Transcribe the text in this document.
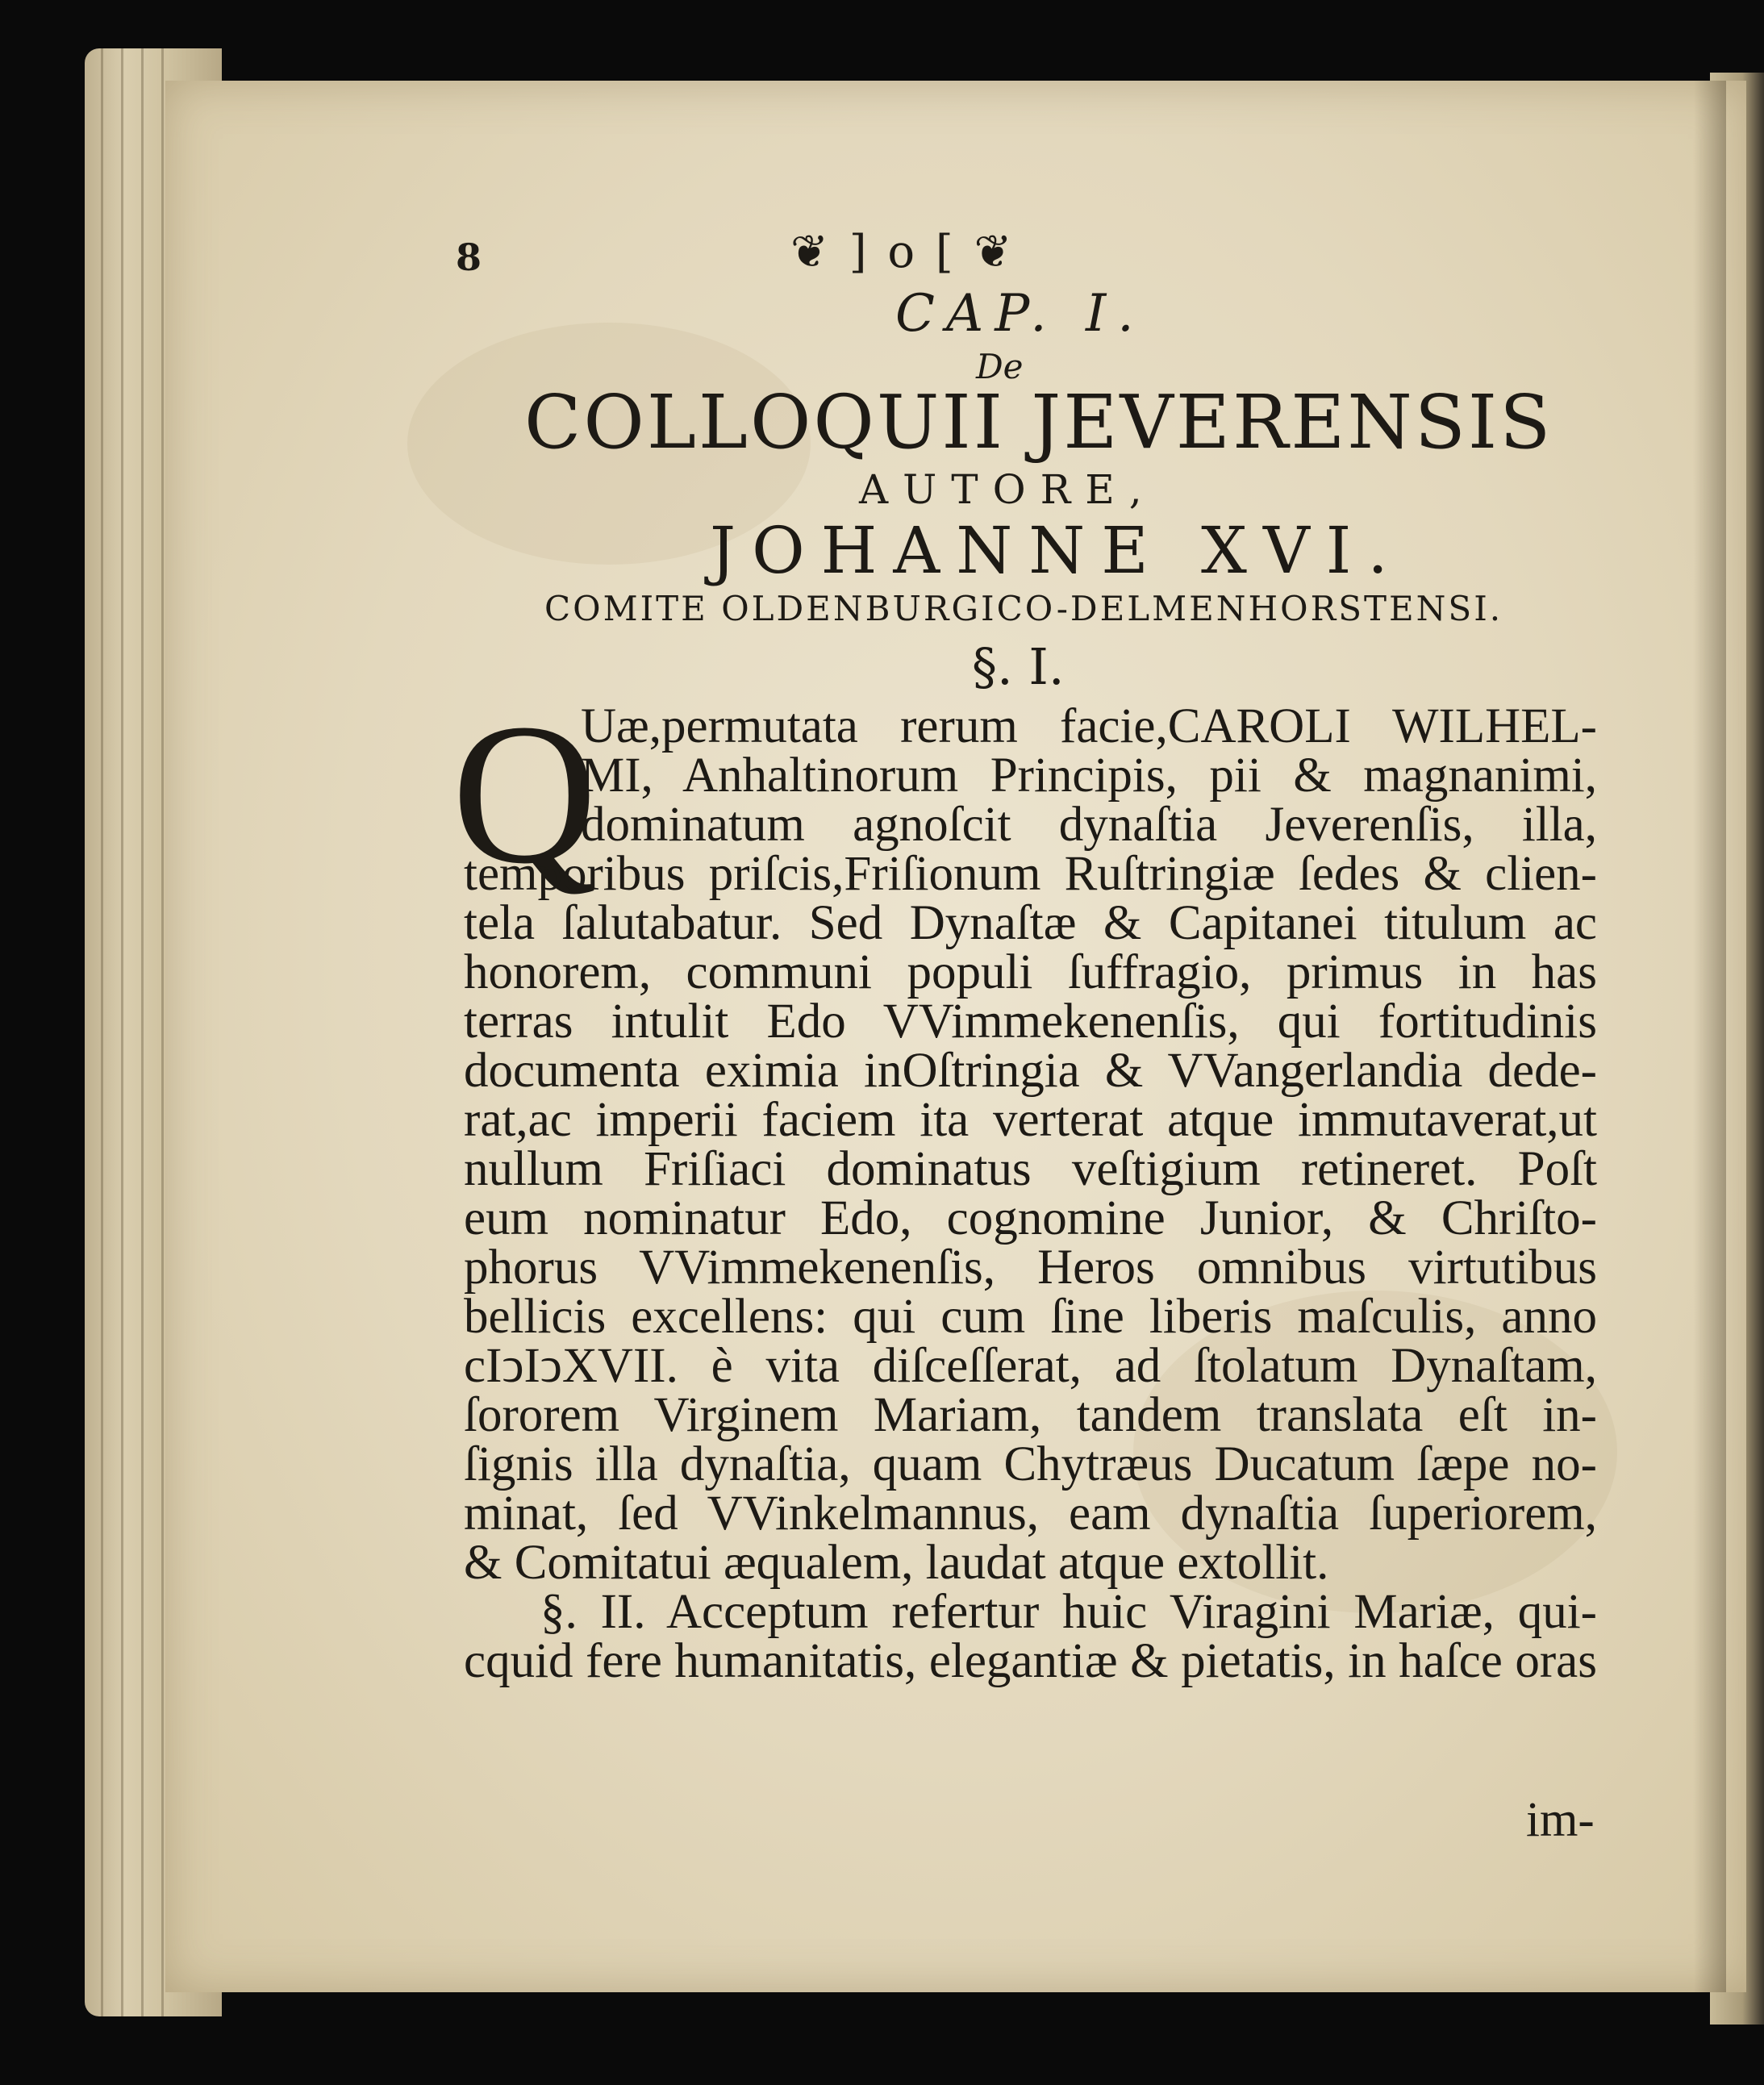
8	❦ ] o [ ❦
CAP. I.
De
COLLOQUII JEVERENSIS
AUTORE,
JOHANNE XVI.
COMITE OLDENBURGICO-DELMENHORSTENSI.
§. I.
Q
Uæ,permutata rerum facie,CAROLI WILHEL-
MI, Anhaltinorum Principis, pii & magnanimi,
dominatum agnoſcit dynaſtia Jeverenſis, illa,
temporibus priſcis,Friſionum Ruſtringiæ ſedes & clien-
tela ſalutabatur. Sed Dynaſtæ & Capitanei titulum ac
honorem, communi populi ſuffragio, primus in has
terras intulit Edo VVimmekenenſis, qui fortitudinis
documenta eximia inOſtringia & VVangerlandia dede-
rat,ac imperii faciem ita verterat atque immutaverat,ut
nullum Friſiaci dominatus veſtigium retineret. Poſt
eum nominatur Edo, cognomine Junior, & Chriſto-
phorus VVimmekenenſis, Heros omnibus virtutibus
bellicis excellens: qui cum ſine liberis maſculis, anno
cIↄIↄXVII. è vita diſceſſerat, ad ſtolatum Dynaſtam,
ſororem Virginem Mariam, tandem translata eſt in-
ſignis illa dynaſtia, quam Chytræus Ducatum ſæpe no-
minat, ſed VVinkelmannus, eam dynaſtia ſuperiorem,
& Comitatui æqualem, laudat atque extollit.
§. II. Acceptum refertur huic Viragini Mariæ, qui-
cquid fere humanitatis, elegantiæ & pietatis, in haſce oras
im-
